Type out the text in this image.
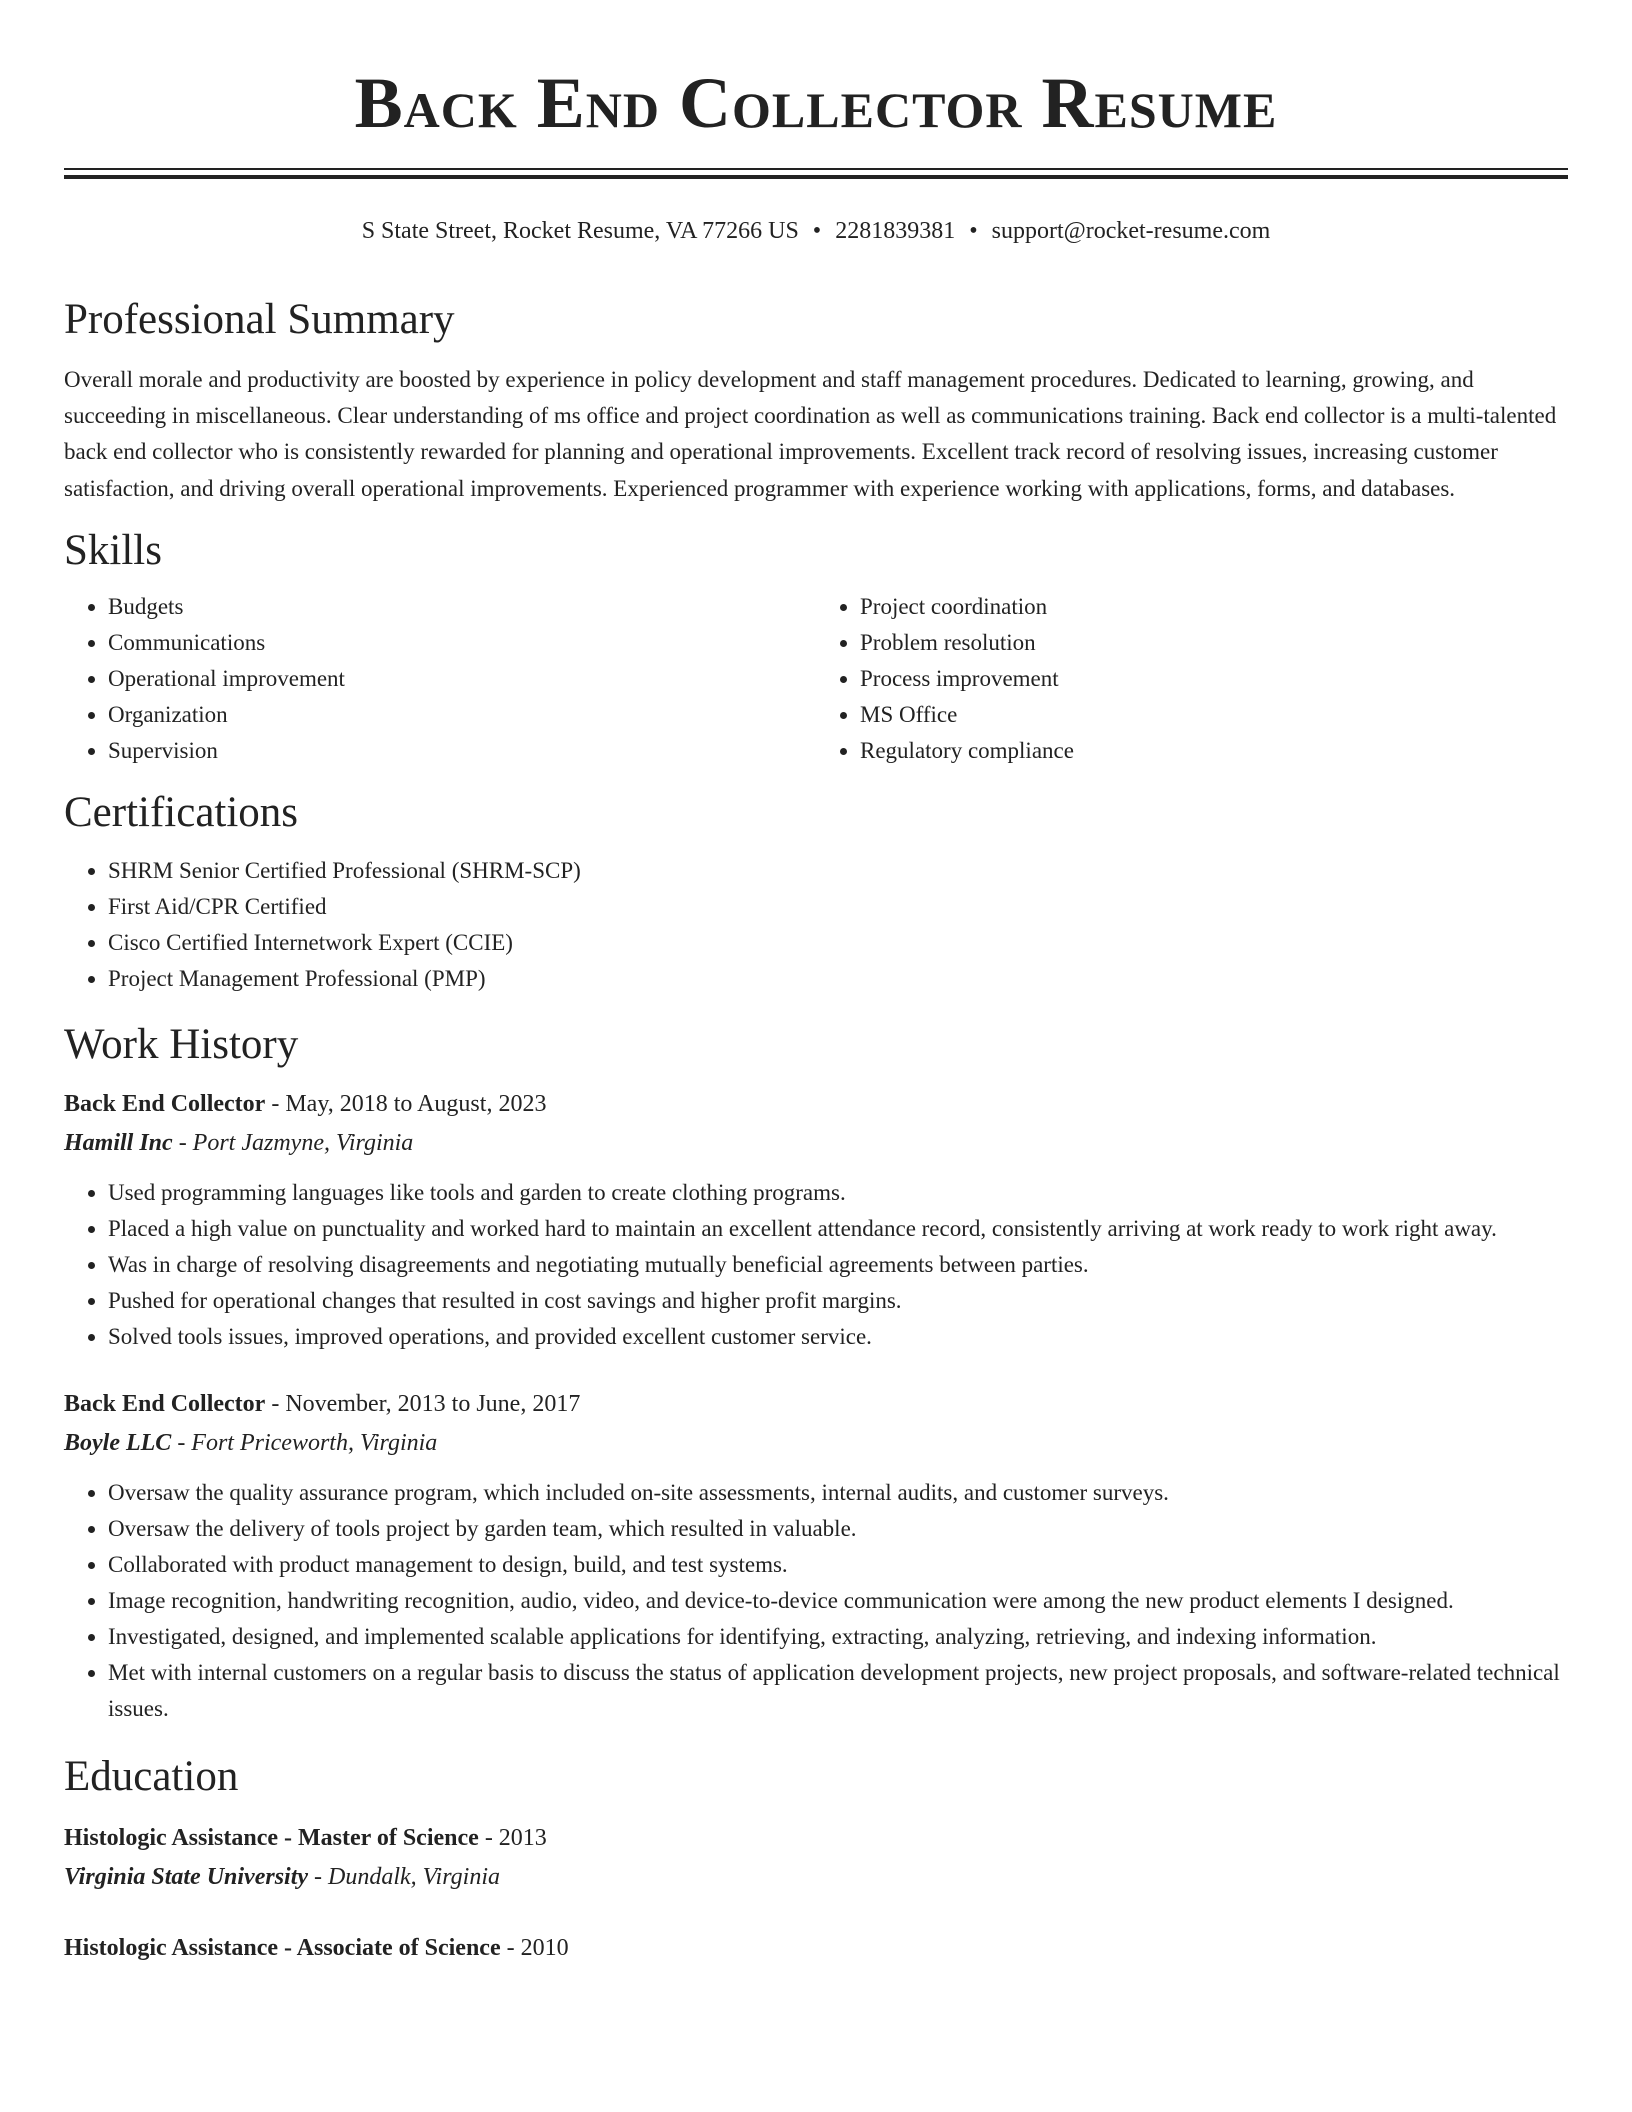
Back End Collector Resume
S State Street, Rocket Resume, VA 77266 US • 2281839381 • support@rocket-resume.com
Professional Summary

Overall morale and productivity are boosted by experience in policy development and staff management procedures. Dedicated to learning, growing, and succeeding in miscellaneous. Clear understanding of ms office and project coordination as well as communications training. Back end collector is a multi-talented back end collector who is consistently rewarded for planning and operational improvements. Excellent track record of resolving issues, increasing customer satisfaction, and driving overall operational improvements. Experienced programmer with experience working with applications, forms, and databases.

Skills
• Budgets
• Communications
• Operational improvement
• Organization
• Supervision
• Project coordination
• Problem resolution
• Process improvement
• MS Office
• Regulatory compliance
Certifications
• SHRM Senior Certified Professional (SHRM-SCP)
• First Aid/CPR Certified
• Cisco Certified Internetwork Expert (CCIE)
• Project Management Professional (PMP)
Work History
Back End Collector - May, 2018 to August, 2023
Hamill Inc - Port Jazmyne, Virginia
• Used programming languages like tools and garden to create clothing programs.
• Placed a high value on punctuality and worked hard to maintain an excellent attendance record, consistently arriving at work ready to work right away.
• Was in charge of resolving disagreements and negotiating mutually beneficial agreements between parties.
• Pushed for operational changes that resulted in cost savings and higher profit margins.
• Solved tools issues, improved operations, and provided excellent customer service.
Back End Collector - November, 2013 to June, 2017
Boyle LLC - Fort Priceworth, Virginia
• Oversaw the quality assurance program, which included on-site assessments, internal audits, and customer surveys.
• Oversaw the delivery of tools project by garden team, which resulted in valuable.
• Collaborated with product management to design, build, and test systems.
• Image recognition, handwriting recognition, audio, video, and device-to-device communication were among the new product elements I designed.
• Investigated, designed, and implemented scalable applications for identifying, extracting, analyzing, retrieving, and indexing information.
• Met with internal customers on a regular basis to discuss the status of application development projects, new project proposals, and software-related technical issues.
Education
Histologic Assistance - Master of Science - 2013
Virginia State University - Dundalk, Virginia
Histologic Assistance - Associate of Science - 2010
